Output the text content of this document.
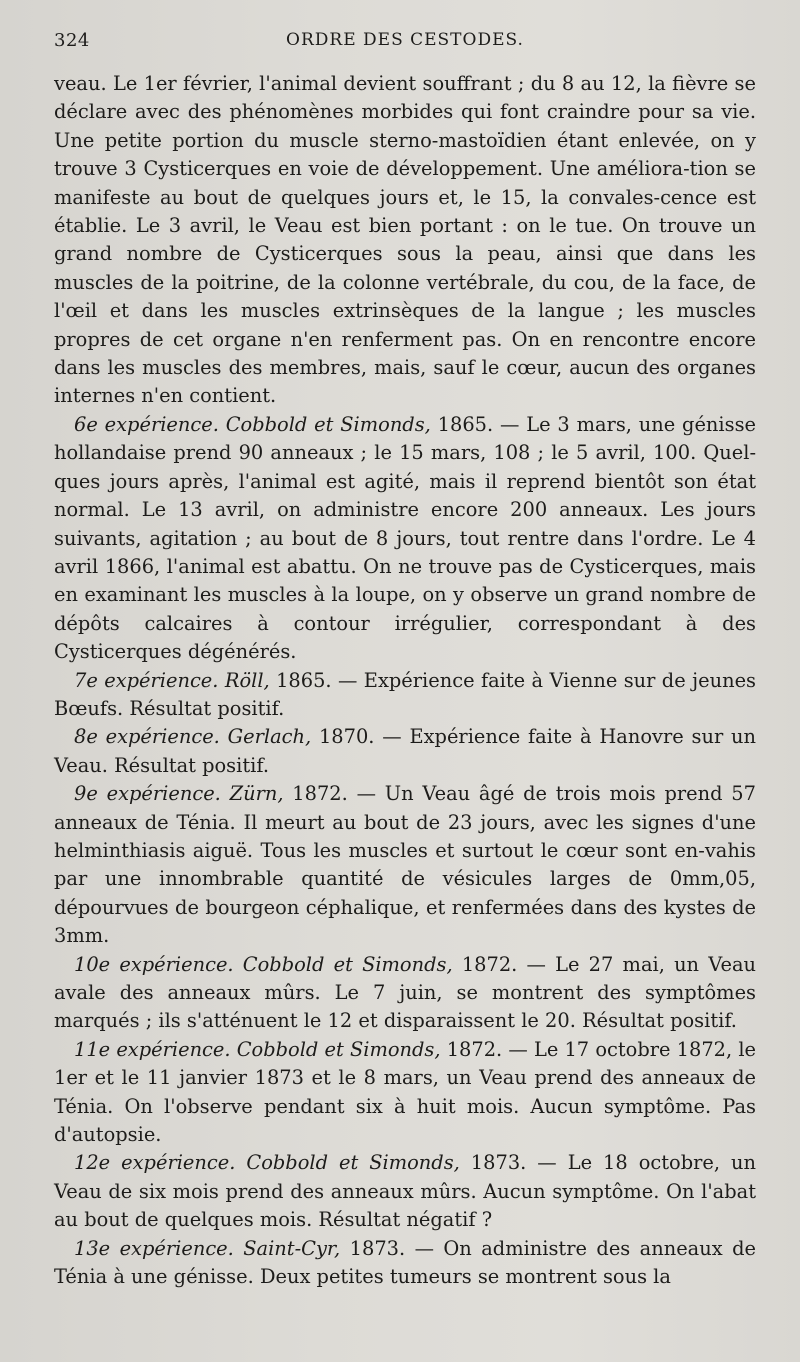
324	ORDRE DES CESTODES.

veau. Le 1er février, l'animal devient souffrant ; du 8 au 12, la fièvre se déclare avec des phénomènes morbides qui font craindre pour sa vie. Une petite portion du muscle sterno-mastoïdien étant enlevée, on y trouve 3 Cysticerques en voie de développement. Une améliora-tion se manifeste au bout de quelques jours et, le 15, la convales-cence est établie. Le 3 avril, le Veau est bien portant : on le tue. On trouve un grand nombre de Cysticerques sous la peau, ainsi que dans les muscles de la poitrine, de la colonne vertébrale, du cou, de la face, de l'œil et dans les muscles extrinsèques de la langue ; les muscles propres de cet organe n'en renferment pas. On en rencontre encore dans les muscles des membres, mais, sauf le cœur, aucun des organes internes n'en contient.

6e expérience. Cobbold et Simonds, 1865. — Le 3 mars, une génisse hollandaise prend 90 anneaux ; le 15 mars, 108 ; le 5 avril, 100. Quel-ques jours après, l'animal est agité, mais il reprend bientôt son état normal. Le 13 avril, on administre encore 200 anneaux. Les jours suivants, agitation ; au bout de 8 jours, tout rentre dans l'ordre. Le 4 avril 1866, l'animal est abattu. On ne trouve pas de Cysticerques, mais en examinant les muscles à la loupe, on y observe un grand nombre de dépôts calcaires à contour irrégulier, correspondant à des Cysticerques dégénérés.

7e expérience. Röll, 1865. — Expérience faite à Vienne sur de jeunes Bœufs. Résultat positif.

8e expérience. Gerlach, 1870. — Expérience faite à Hanovre sur un Veau. Résultat positif.

9e expérience. Zürn, 1872. — Un Veau âgé de trois mois prend 57 anneaux de Ténia. Il meurt au bout de 23 jours, avec les signes d'une helminthiasis aiguë. Tous les muscles et surtout le cœur sont en-vahis par une innombrable quantité de vésicules larges de 0mm,05, dépourvues de bourgeon céphalique, et renfermées dans des kystes de 3mm.

10e expérience. Cobbold et Simonds, 1872. — Le 27 mai, un Veau avale des anneaux mûrs. Le 7 juin, se montrent des symptômes marqués ; ils s'atténuent le 12 et disparaissent le 20. Résultat positif.

11e expérience. Cobbold et Simonds, 1872. — Le 17 octobre 1872, le 1er et le 11 janvier 1873 et le 8 mars, un Veau prend des anneaux de Ténia. On l'observe pendant six à huit mois. Aucun symptôme. Pas d'autopsie.

12e expérience. Cobbold et Simonds, 1873. — Le 18 octobre, un Veau de six mois prend des anneaux mûrs. Aucun symptôme. On l'abat au bout de quelques mois. Résultat négatif ?

13e expérience. Saint-Cyr, 1873. — On administre des anneaux de Ténia à une génisse. Deux petites tumeurs se montrent sous la
